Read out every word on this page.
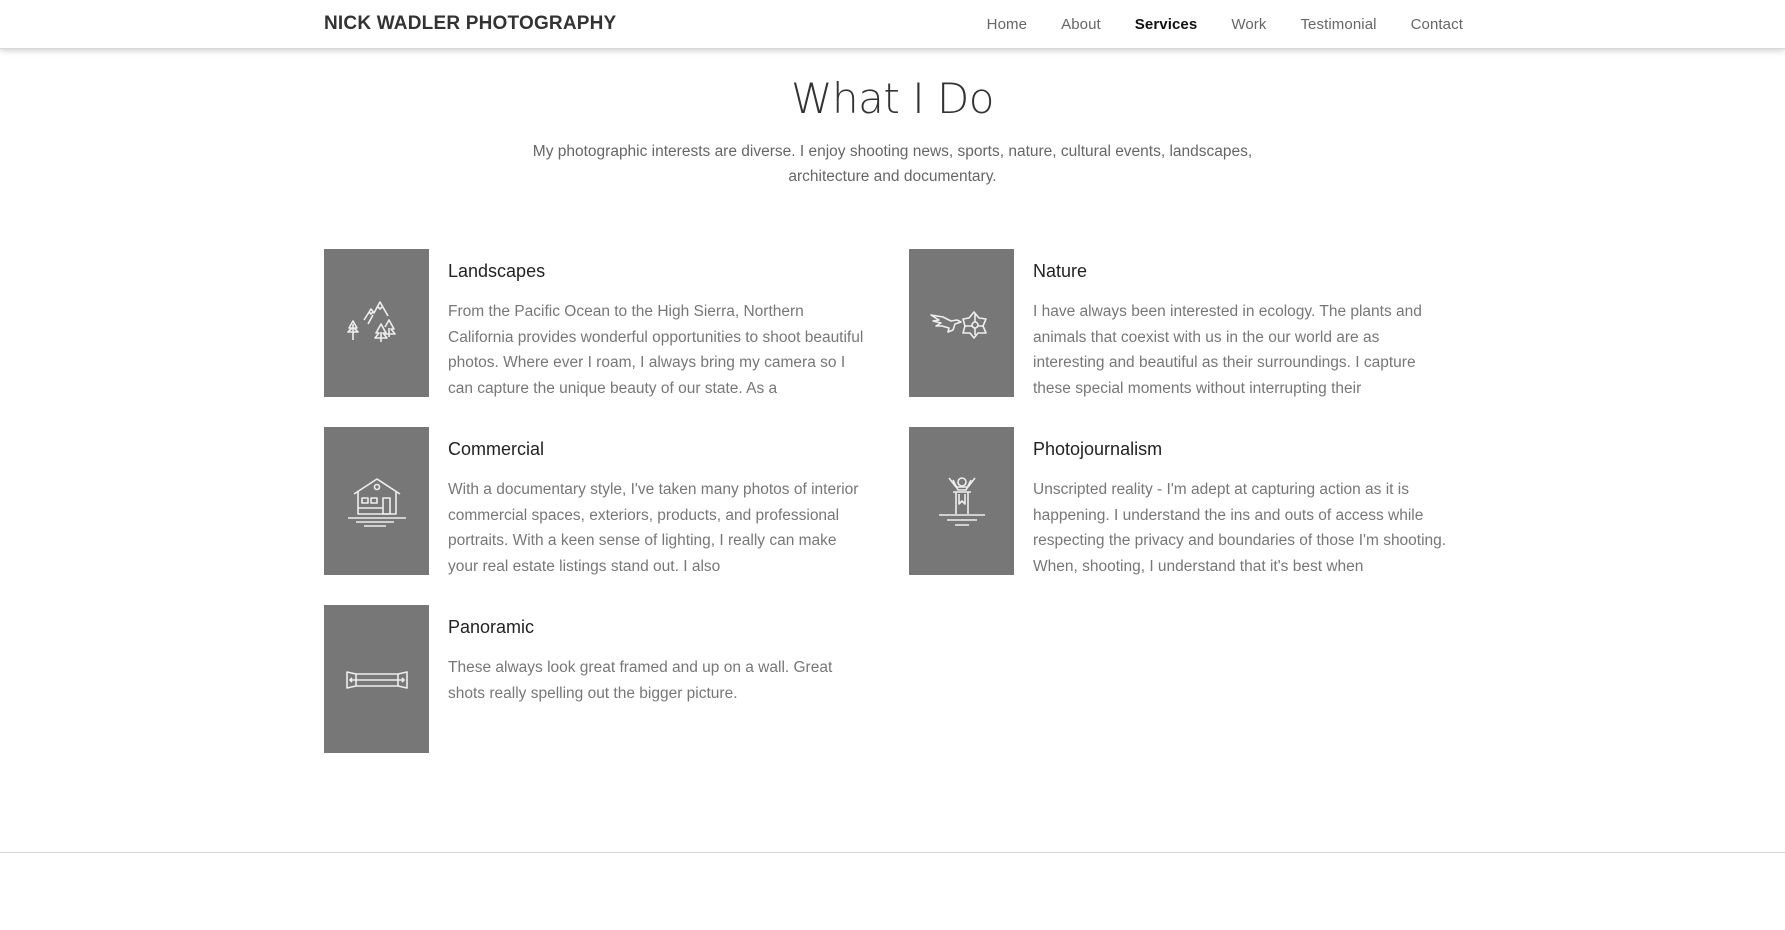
NICK WADLER PHOTOGRAPHY	Home About Services Work Testimonial Contact
What I Do

My photographic interests are diverse. I enjoy shooting news, sports, nature, cultural events, landscapes, architecture and documentary.

Landscapes

From the Pacific Ocean to the High Sierra, Northern California provides wonderful opportunities to shoot beautiful photos. Where ever I roam, I always bring my camera so I can capture the unique beauty of our state. As a

Nature

I have always been interested in ecology. The plants and animals that coexist with us in the our world are as interesting and beautiful as their surroundings. I capture these special moments without interrupting their

Commercial

With a documentary style, I've taken many photos of interior commercial spaces, exteriors, products, and professional portraits. With a keen sense of lighting, I really can make your real estate listings stand out. I also

Photojournalism

Unscripted reality - I'm adept at capturing action as it is happening. I understand the ins and outs of access while respecting the privacy and boundaries of those I'm shooting. When, shooting, I understand that it's best when

Panoramic

These always look great framed and up on a wall. Great shots really spelling out the bigger picture.
